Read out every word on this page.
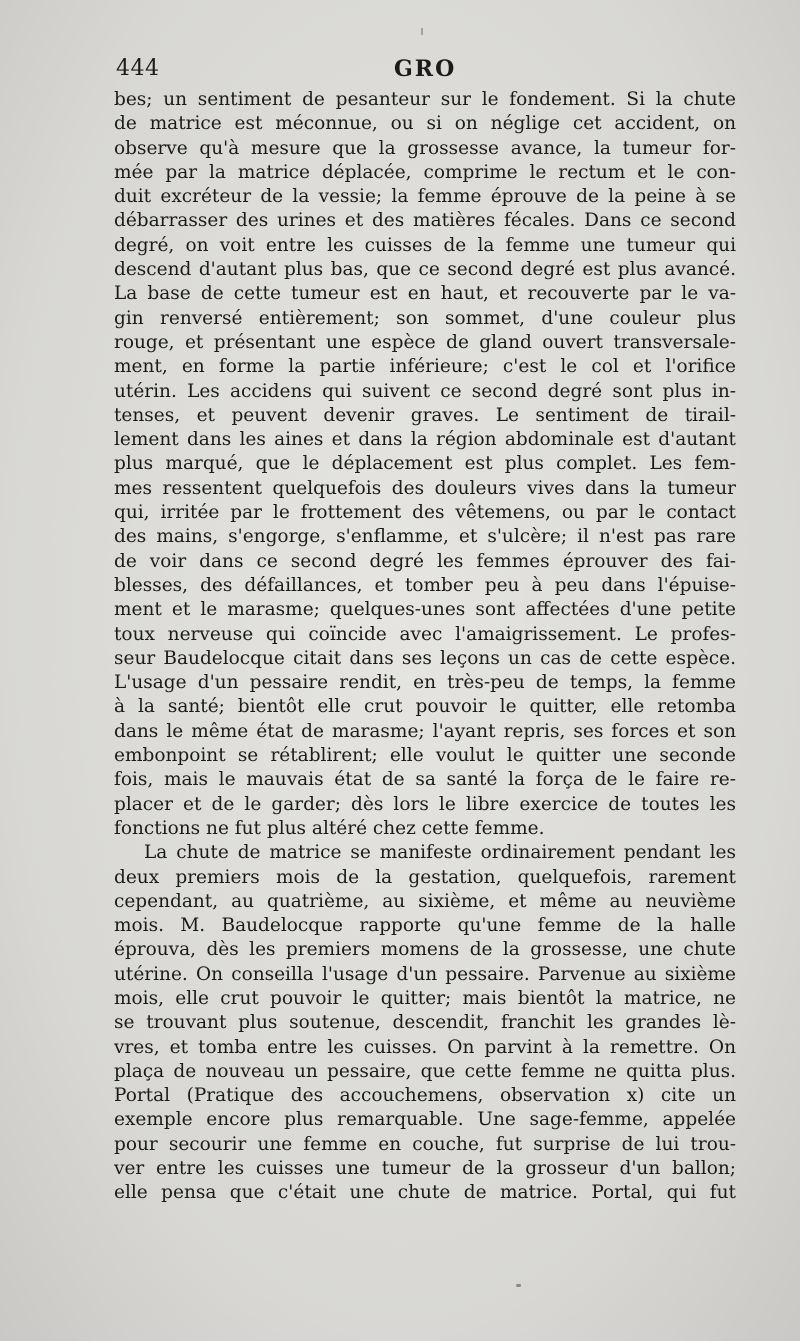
444	GRO
bes; un sentiment de pesanteur sur le fondement. Si la chute
de matrice est méconnue, ou si on néglige cet accident, on
observe qu'à mesure que la grossesse avance, la tumeur for-
mée par la matrice déplacée, comprime le rectum et le con-
duit excréteur de la vessie; la femme éprouve de la peine à se
débarrasser des urines et des matières fécales. Dans ce second
degré, on voit entre les cuisses de la femme une tumeur qui
descend d'autant plus bas, que ce second degré est plus avancé.
La base de cette tumeur est en haut, et recouverte par le va-
gin renversé entièrement; son sommet, d'une couleur plus
rouge, et présentant une espèce de gland ouvert transversale-
ment, en forme la partie inférieure; c'est le col et l'orifice
utérin. Les accidens qui suivent ce second degré sont plus in-
tenses, et peuvent devenir graves. Le sentiment de tirail-
lement dans les aines et dans la région abdominale est d'autant
plus marqué, que le déplacement est plus complet. Les fem-
mes ressentent quelquefois des douleurs vives dans la tumeur
qui, irritée par le frottement des vêtemens, ou par le contact
des mains, s'engorge, s'enflamme, et s'ulcère; il n'est pas rare
de voir dans ce second degré les femmes éprouver des fai-
blesses, des défaillances, et tomber peu à peu dans l'épuise-
ment et le marasme; quelques-unes sont affectées d'une petite
toux nerveuse qui coïncide avec l'amaigrissement. Le profes-
seur Baudelocque citait dans ses leçons un cas de cette espèce.
L'usage d'un pessaire rendit, en très-peu de temps, la femme
à la santé; bientôt elle crut pouvoir le quitter, elle retomba
dans le même état de marasme; l'ayant repris, ses forces et son
embonpoint se rétablirent; elle voulut le quitter une seconde
fois, mais le mauvais état de sa santé la força de le faire re-
placer et de le garder; dès lors le libre exercice de toutes les
fonctions ne fut plus altéré chez cette femme.
La chute de matrice se manifeste ordinairement pendant les
deux premiers mois de la gestation, quelquefois, rarement
cependant, au quatrième, au sixième, et même au neuvième
mois. M. Baudelocque rapporte qu'une femme de la halle
éprouva, dès les premiers momens de la grossesse, une chute
utérine. On conseilla l'usage d'un pessaire. Parvenue au sixième
mois, elle crut pouvoir le quitter; mais bientôt la matrice, ne
se trouvant plus soutenue, descendit, franchit les grandes lè-
vres, et tomba entre les cuisses. On parvint à la remettre. On
plaça de nouveau un pessaire, que cette femme ne quitta plus.
Portal (Pratique des accouchemens, observation x) cite un
exemple encore plus remarquable. Une sage-femme, appelée
pour secourir une femme en couche, fut surprise de lui trou-
ver entre les cuisses une tumeur de la grosseur d'un ballon;
elle pensa que c'était une chute de matrice. Portal, qui fut
